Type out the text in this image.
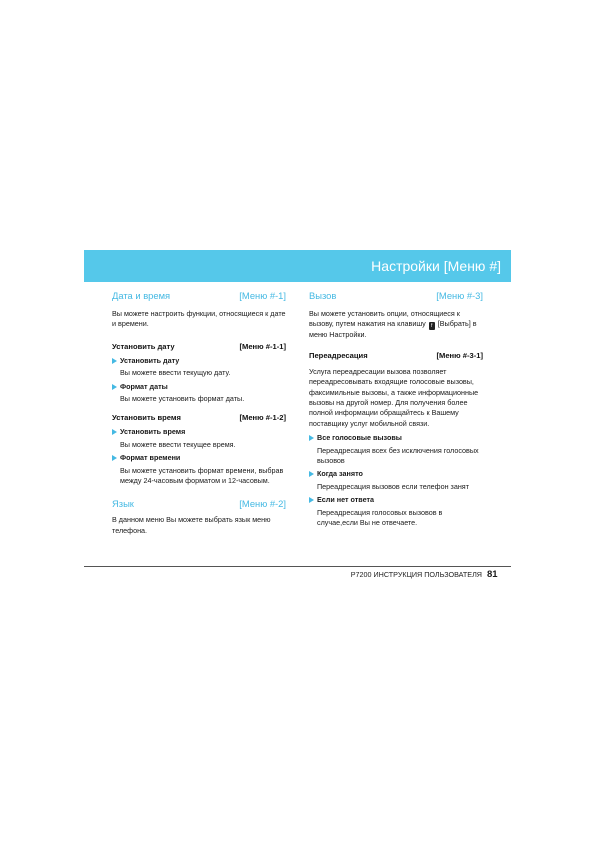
Настройки [Меню #]
Дата и время	[Меню #-1]

Вы можете настроить функции, относящиеся к дате и времени.

Установить дату	[Меню #-1-1]
Установить дату

Вы можете ввести текущую дату.

Формат даты

Вы можете установить формат даты.

Установить время	[Меню #-1-2]
Установить время

Вы можете ввести текущее время.

Формат времени

Вы можете установить формат времени, выбрав между 24-часовым форматом и 12-часовым.

Язык	[Меню #-2]

В данном меню Вы можете выбрать язык меню телефона.

Вызов	[Меню #-3]

Вы можете установить опции, относящиеся к вызову, путем нажатия на клавишу f [Выбрать] в меню Настройки.

Переадресация	[Меню #-3-1]

Услуга переадресации вызова позволяет переадресовывать входящие голосовые вызовы, факсимильные вызовы, а также информационные вызовы на другой номер. Для получения более полной информации обращайтесь к Вашему поставщику услуг мобильной связи.

Все голосовые вызовы

Переадресация всех без исключения голосовых вызовов

Когда занято

Переадресация вызовов если телефон занят

Если нет ответа

Переадресация голосовых вызовов в случае,если Вы не отвечаете.

P7200 ИНСТРУКЦИЯ ПОЛЬЗОВАТЕЛЯ 81
